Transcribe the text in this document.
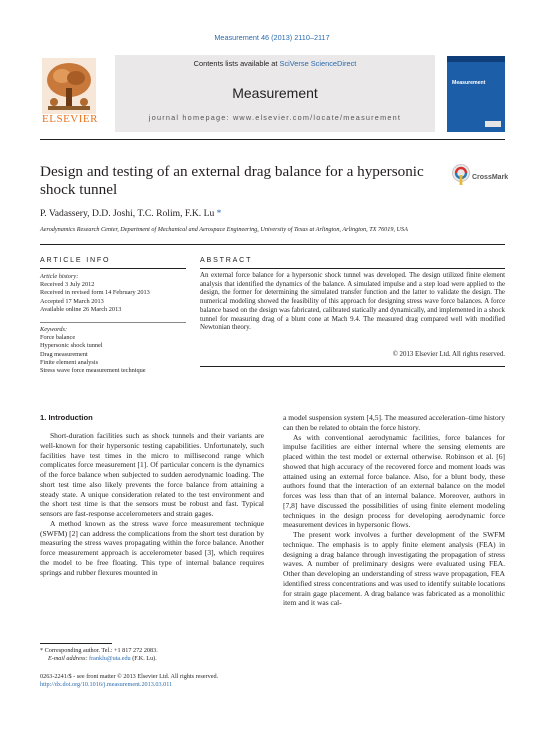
Measurement 46 (2013) 2110–2117
Contents lists available at SciVerse ScienceDirect
Measurement
journal homepage: www.elsevier.com/locate/measurement
ELSEVIER
Measurement
Design and testing of an external drag balance for a hypersonic shock tunnel
CrossMark
P. Vadassery, D.D. Joshi, T.C. Rolim, F.K. Lu *
Aerodynamics Research Center, Department of Mechanical and Aerospace Engineering, University of Texas at Arlington, Arlington, TX 76019, USA
ARTICLE INFO	ABSTRACT
Article history:
Received 3 July 2012
Received in revised form 14 February 2013
Accepted 17 March 2013
Available online 26 March 2013
Keywords:
Force balance
Hypersonic shock tunnel
Drag measurement
Finite element analysis
Stress wave force measurement technique
An external force balance for a hypersonic shock tunnel was developed. The design utilized finite element analysis that identified the dynamics of the balance. A simulated impulse and a step load were applied to the design, the former for determining the simulated transfer function and the latter to validate the design. The numerical modeling showed the feasibility of this approach for designing stress wave force balances. A force balance based on the design was fabricated, calibrated statically and dynamically, and implemented in a shock tunnel for measuring drag of a blunt cone at Mach 9.4. The measured drag compared well with modified Newtonian theory.
© 2013 Elsevier Ltd. All rights reserved.
1. Introduction

Short-duration facilities such as shock tunnels and their variants are well-known for their hypersonic testing capabilities. Unfortunately, such facilities have test times in the micro to millisecond range which complicates force measurement [1]. Of particular concern is the dynamics of the force balance when subjected to sudden aerodynamic loading. The short test time also likely prevents the force balance from attaining a steady state. A unique consideration related to the test environment and the short test time is that the sensors must be robust and fast. Typical sensors are fast-response accelerometers and strain gages.

A method known as the stress wave force measurement technique (SWFM) [2] can address the complications from the short test duration by measuring the stress waves propagating within the force balance. Another force measurement approach is accelerometer based [3], which requires the model to be free floating. This type of internal balance requires springs and rubber flexures mounted in

a model suspension system [4,5]. The measured acceleration–time history can then be related to obtain the force history.

As with conventional aerodynamic facilities, force balances for impulse facilities are either internal where the sensing elements are placed within the test model or external otherwise. Robinson et al. [6] showed that high accuracy of the recovered force and moment loads was attained using an external force balance. Also, for a blunt body, these authors found that the interaction of an external balance on the model forces was less than that of an internal balance. Moreover, authors in [7,8] have discussed the possibilities of using finite element modeling techniques in the design process for developing aerodynamic force measurement devices in hypersonic flows.

The present work involves a further development of the SWFM technique. The emphasis is to apply finite element analysis (FEA) in designing a drag balance through investigating the propagation of stress waves. A number of preliminary designs were evaluated using FEA. Other than developing an understanding of stress wave propagation, FEA identified stress concentrations and was used to identify suitable locations for strain gage placement. A drag balance was fabricated as a monolithic item and it was cal-

* Corresponding author. Tel.: +1 817 272 2083.
E-mail address: franklu@uta.edu (F.K. Lu).
0263-2241/$ - see front matter © 2013 Elsevier Ltd. All rights reserved.
http://dx.doi.org/10.1016/j.measurement.2013.03.011
